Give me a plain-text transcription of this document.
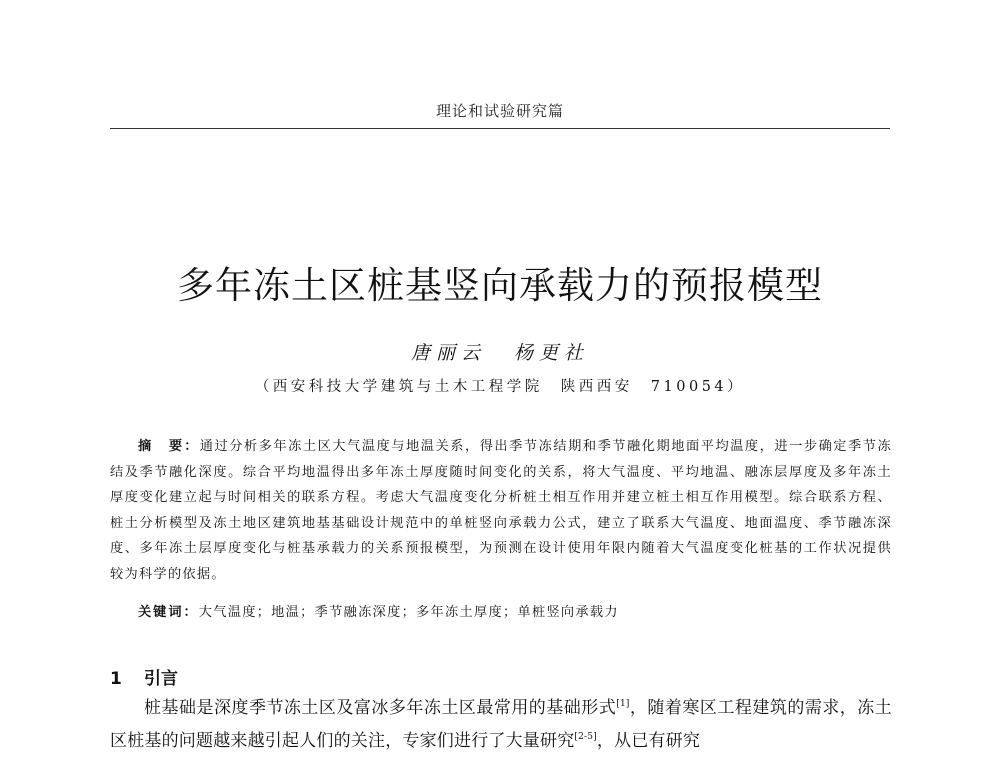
理论和试验研究篇
多年冻土区桩基竖向承载力的预报模型
唐丽云 杨更社
（西安科技大学建筑与土木工程学院　陕西西安　710054）
摘　要：通过分析多年冻土区大气温度与地温关系，得出季节冻结期和季节融化期地面平均温度，进一步确定季节冻结及季节融化深度。综合平均地温得出多年冻土厚度随时间变化的关系，将大气温度、平均地温、融冻层厚度及多年冻土厚度变化建立起与时间相关的联系方程。考虑大气温度变化分析桩土相互作用并建立桩土相互作用模型。综合联系方程、桩土分析模型及冻土地区建筑地基基础设计规范中的单桩竖向承载力公式，建立了联系大气温度、地面温度、季节融冻深度、多年冻土层厚度变化与桩基承载力的关系预报模型，为预测在设计使用年限内随着大气温度变化桩基的工作状况提供较为科学的依据。
关键词：大气温度；地温；季节融冻深度；多年冻土厚度；单桩竖向承载力
1 引言
桩基础是深度季节冻土区及富冰多年冻土区最常用的基础形式[1]，随着寒区工程建筑的需求，冻土区桩基的问题越来越引起人们的关注，专家们进行了大量研究[2-5]，从已有研究
